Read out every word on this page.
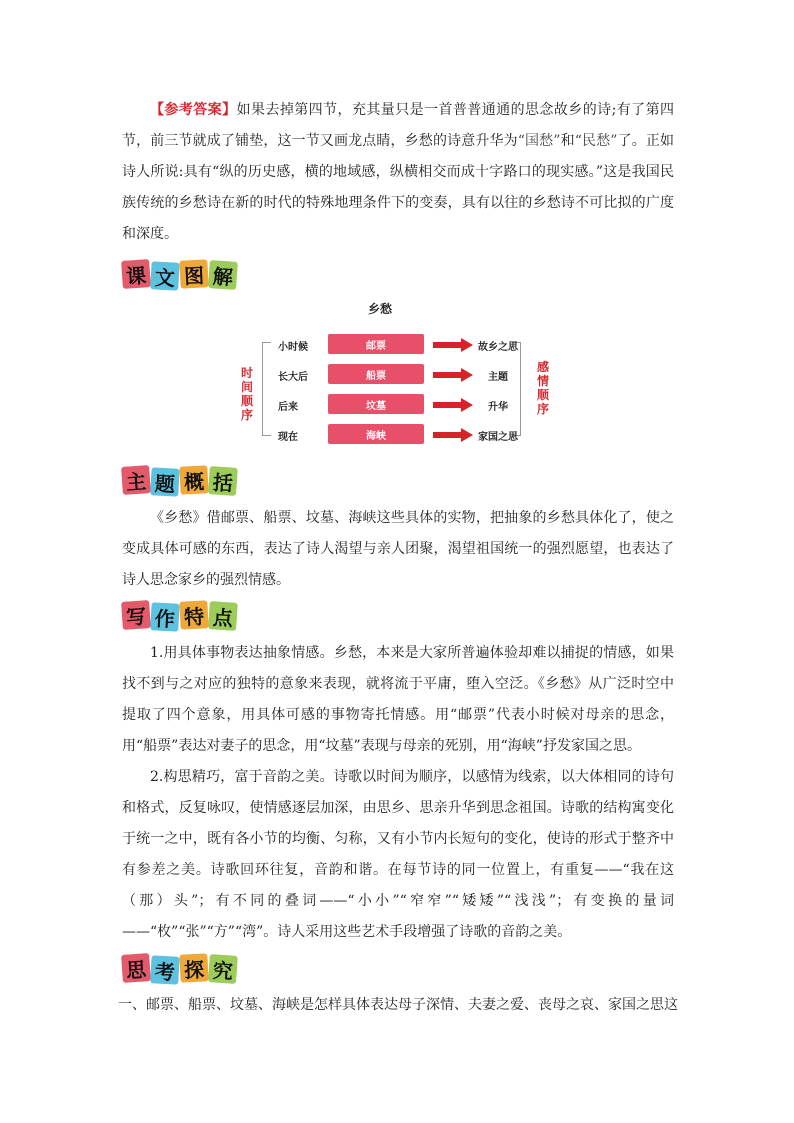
【参考答案】如果去掉第四节，充其量只是一首普普通通的思念故乡的诗;有了第四节，前三节就成了铺垫，这一节又画龙点睛，乡愁的诗意升华为“国愁”和“民愁”了。正如诗人所说:具有“纵的历史感，横的地域感，纵横相交而成十字路口的现实感。”这是我国民族传统的乡愁诗在新的时代的特殊地理条件下的变奏，具有以往的乡愁诗不可比拟的广度和深度。

课 文 图 解
乡愁
时
间
顺
序
感
情
顺
序
小时候	邮票	故乡之思
长大后	船票	主题
后来	坟墓	升华
现在	海峡	家国之思
主 题 概 括

《乡愁》借邮票、船票、坟墓、海峡这些具体的实物，把抽象的乡愁具体化了，使之变成具体可感的东西，表达了诗人渴望与亲人团聚，渴望祖国统一的强烈愿望，也表达了诗人思念家乡的强烈情感。

写 作 特 点

1.用具体事物表达抽象情感。乡愁，本来是大家所普遍体验却难以捕捉的情感，如果找不到与之对应的独特的意象来表现，就将流于平庸，堕入空泛。《乡愁》从广泛时空中提取了四个意象，用具体可感的事物寄托情感。用“邮票”代表小时候对母亲的思念，用“船票”表达对妻子的思念，用“坟墓”表现与母亲的死别，用“海峡”抒发家国之思。

2.构思精巧，富于音韵之美。诗歌以时间为顺序，以感情为线索，以大体相同的诗句和格式，反复咏叹，使情感逐层加深，由思乡、思亲升华到思念祖国。诗歌的结构寓变化于统一之中，既有各小节的均衡、匀称，又有小节内长短句的变化，使诗的形式于整齐中有参差之美。诗歌回环往复，音韵和谐。在每节诗的同一位置上，有重复——“我在这（那）头”；有不同的叠词——“小小”“窄窄”“矮矮”“浅浅”；有变换的量词——“枚”“张”“方”“湾”。诗人采用这些艺术手段增强了诗歌的音韵之美。

思 考 探 究

一、邮票、船票、坟墓、海峡是怎样具体表达母子深情、夫妻之爱、丧母之哀、家国之思这
